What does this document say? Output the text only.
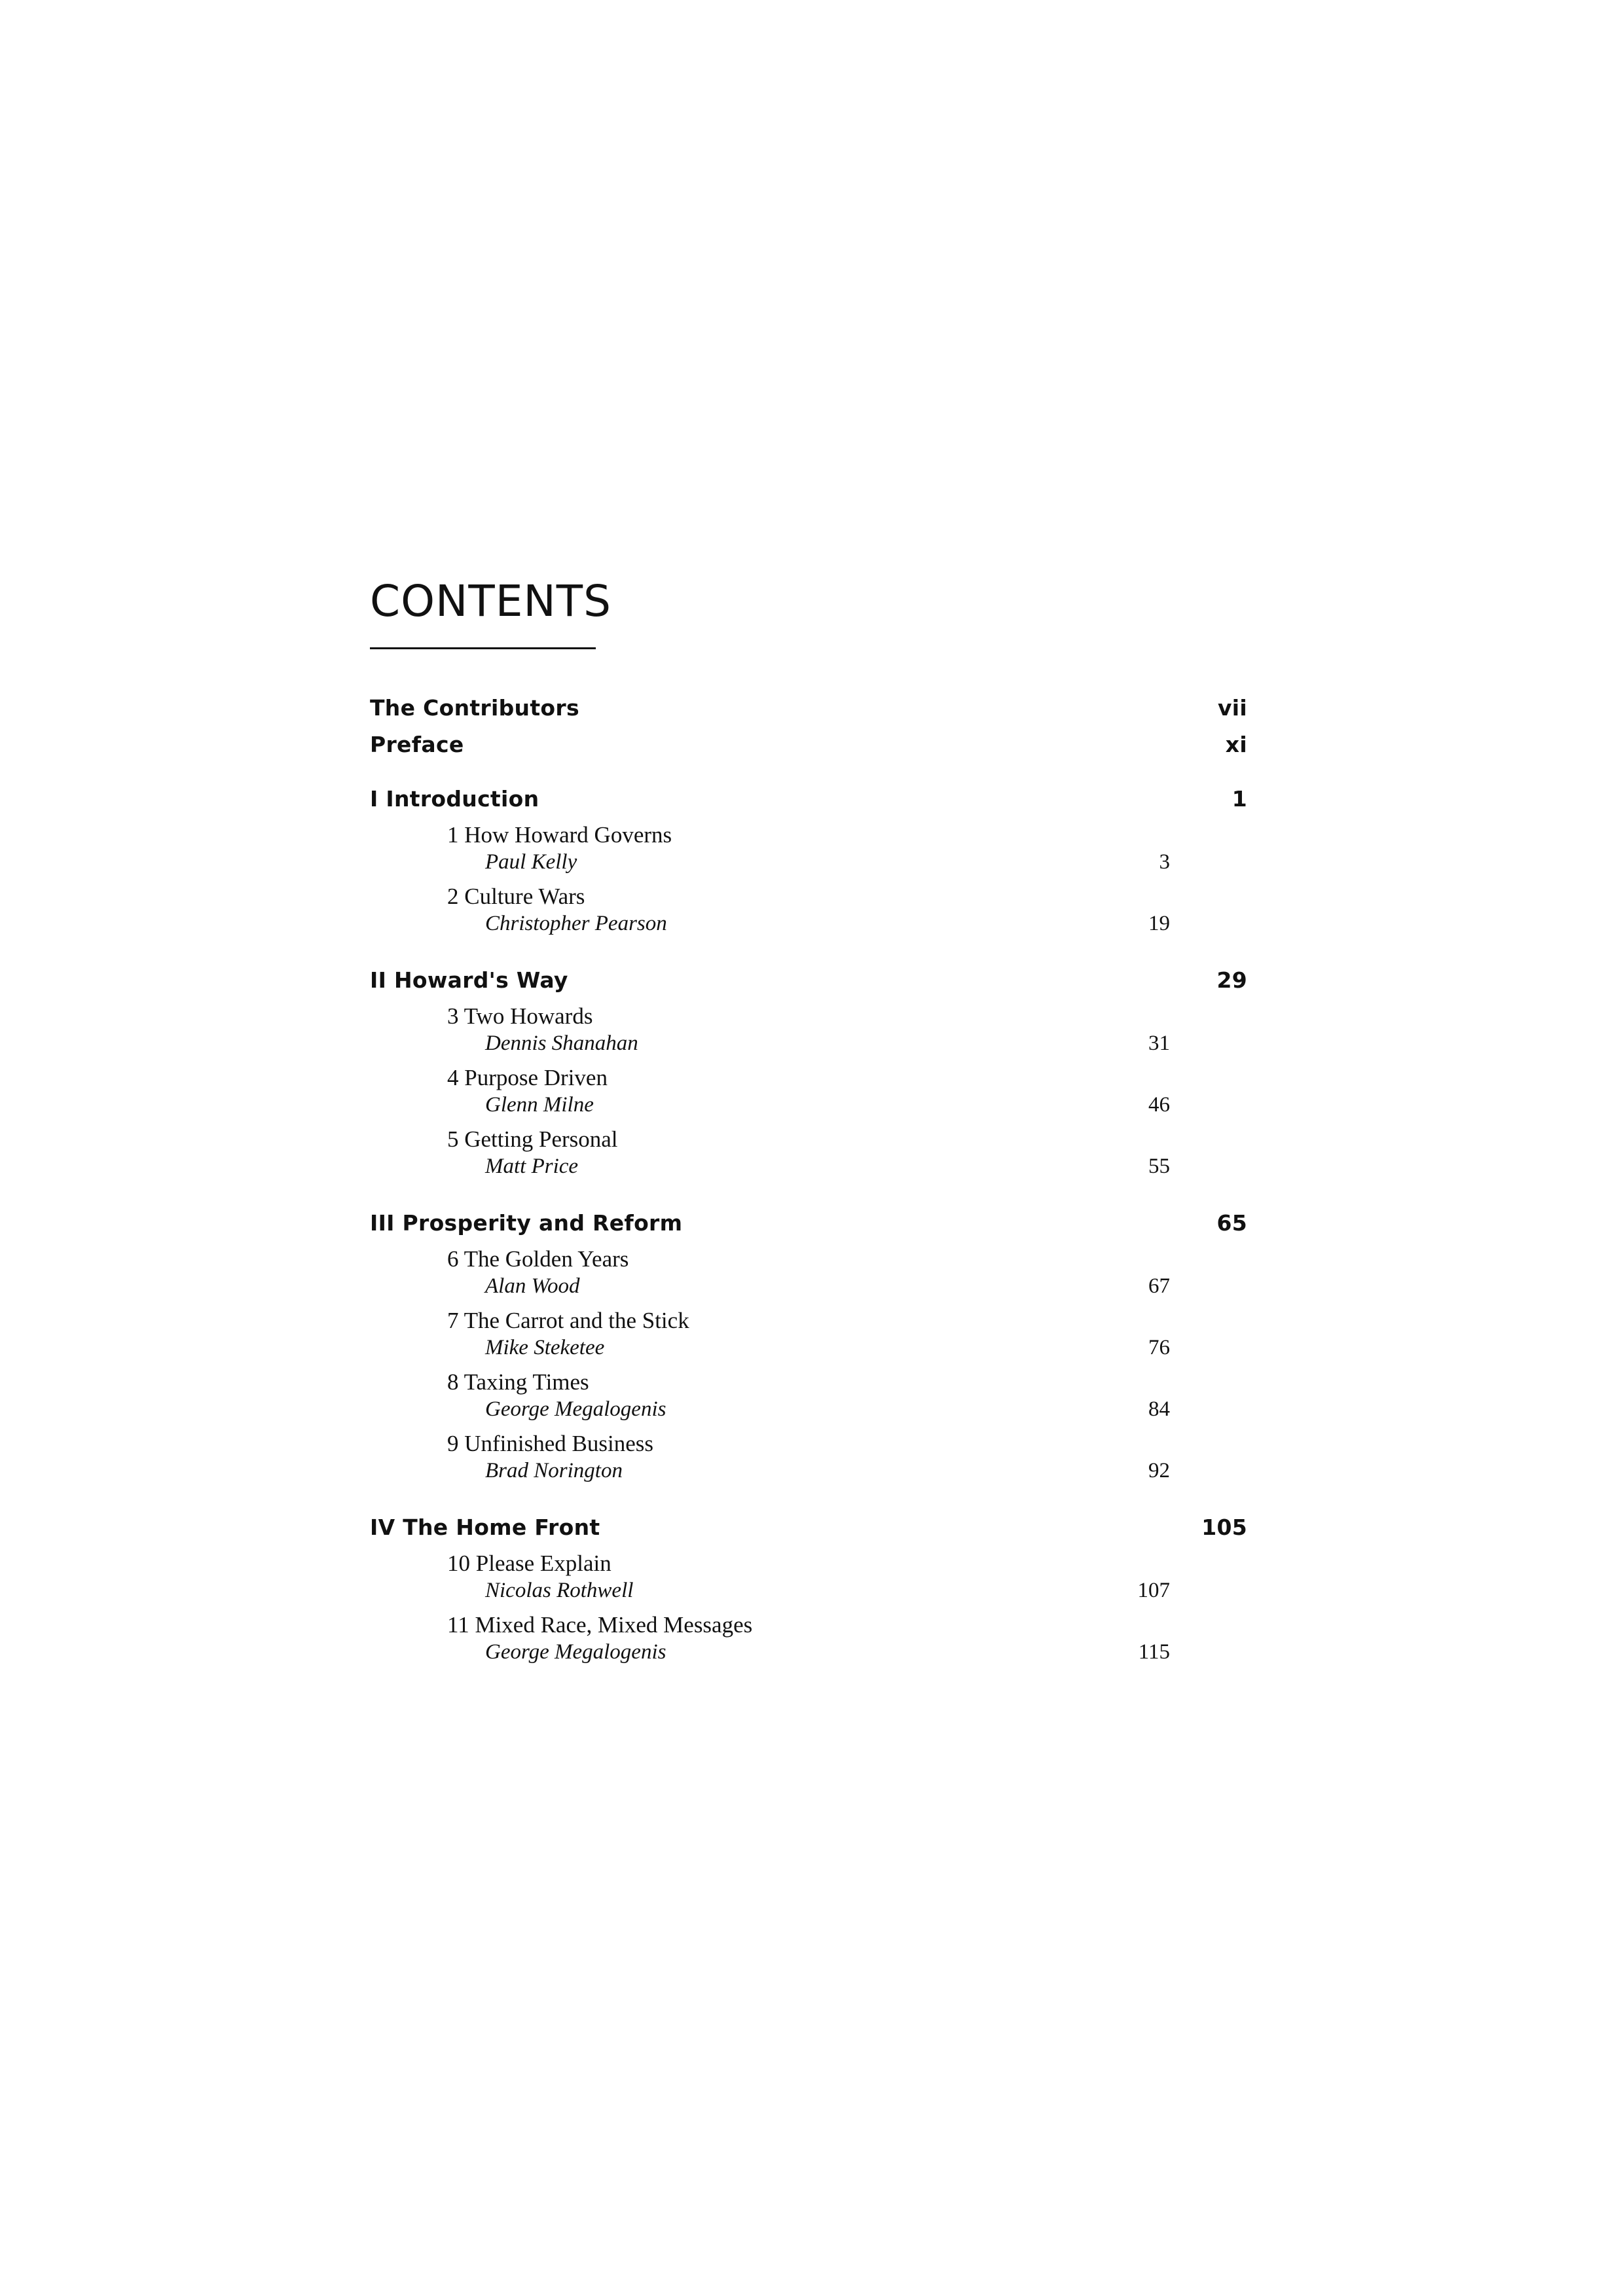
CONTENTS
The Contributors	vii
Preface	xi
I Introduction	1
1 How Howard Governs
Paul Kelly	3
2 Culture Wars
Christopher Pearson	19
II Howard's Way	29
3 Two Howards
Dennis Shanahan	31
4 Purpose Driven
Glenn Milne	46
5 Getting Personal
Matt Price	55
III Prosperity and Reform	65
6 The Golden Years
Alan Wood	67
7 The Carrot and the Stick
Mike Steketee	76
8 Taxing Times
George Megalogenis	84
9 Unfinished Business
Brad Norington	92
IV The Home Front	105
10 Please Explain
Nicolas Rothwell	107
11 Mixed Race, Mixed Messages
George Megalogenis	115
